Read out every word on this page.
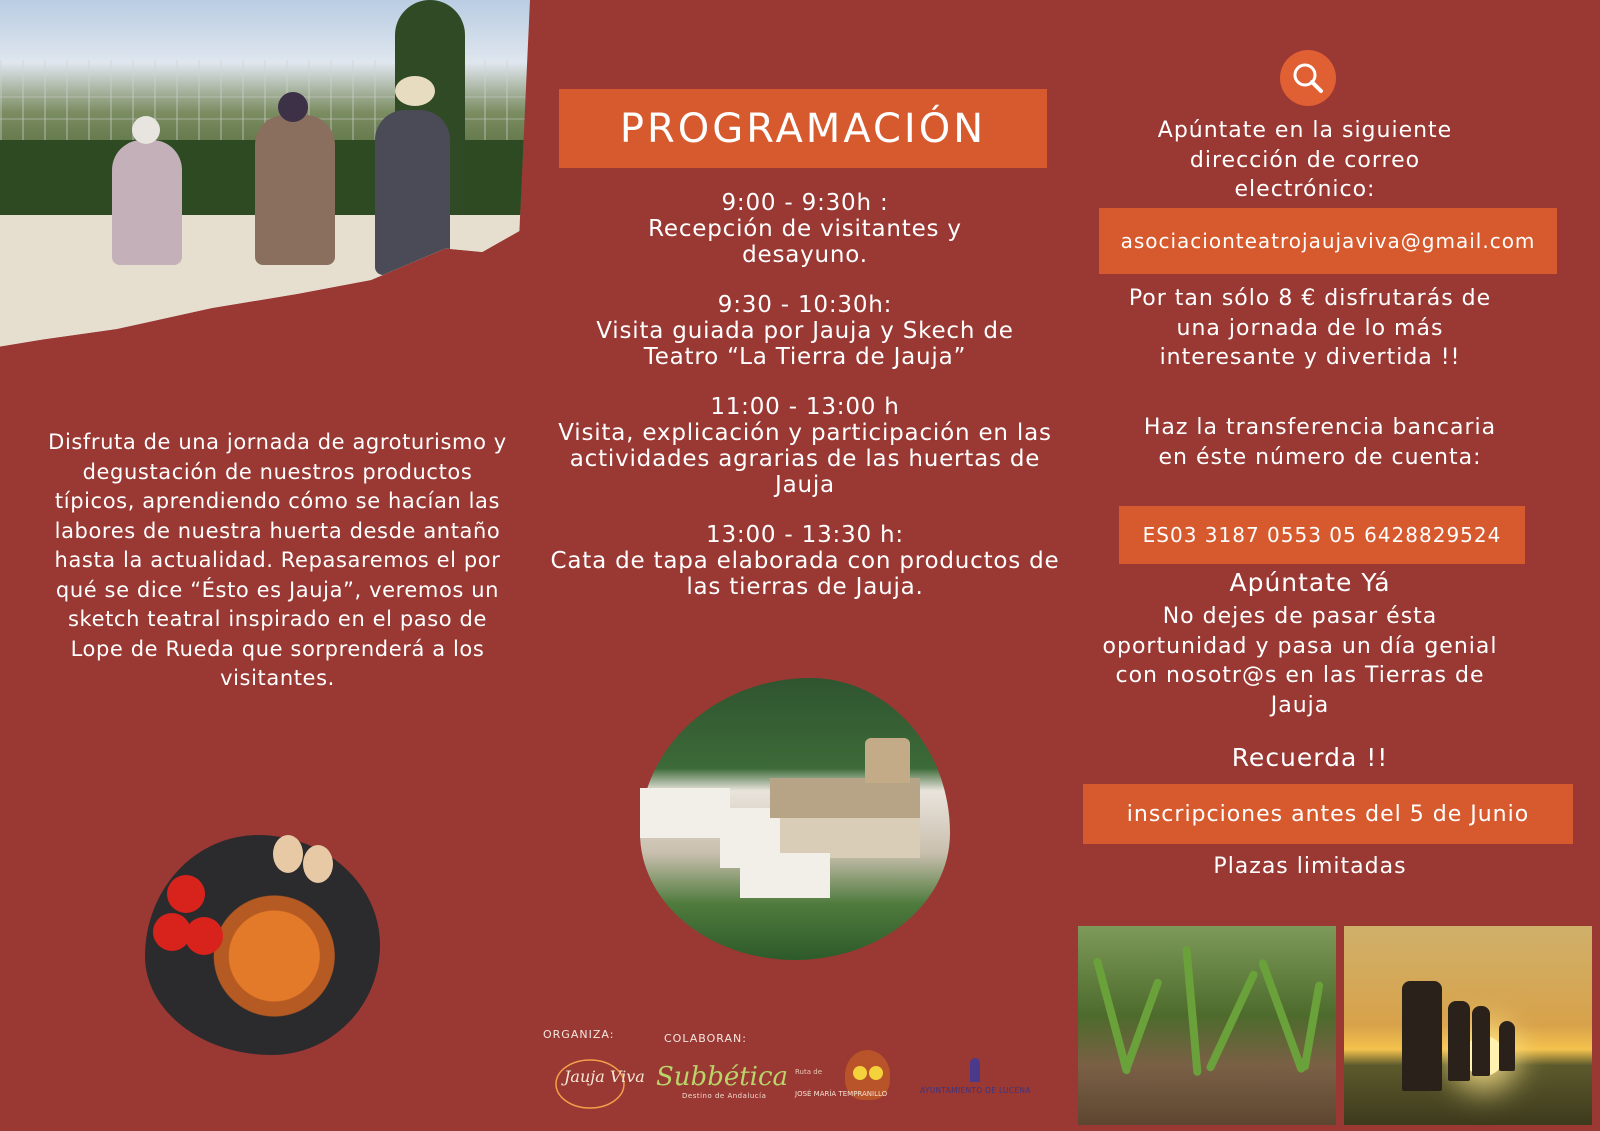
Disfruta de una jornada de agroturismo y degustación de nuestros productos típicos, aprendiendo cómo se hacían las labores de nuestra huerta desde antaño hasta la actualidad. Repasaremos el por qué se dice “Ésto es Jauja”, veremos un sketch teatral inspirado en el paso de Lope de Rueda que sorprenderá a los visitantes.
PROGRAMACIÓN
9:00 - 9:30h :
Recepción de visitantes y desayuno.
9:30 - 10:30h:
Visita guiada por Jauja y Skech de Teatro “La Tierra de Jauja”
11:00 - 13:00 h
Visita, explicación y participación en las actividades agrarias de las huertas de Jauja
13:00 - 13:30 h:
Cata de tapa elaborada con productos de las tierras de Jauja.
ORGANIZA:	COLABORAN:
Jauja Viva Subbética
Destino de Andalucía
Ruta de
JOSÉ MARÍA TEMPRANILLO	AYUNTAMIENTO DE LUCENA
Apúntate en la siguiente dirección de correo electrónico:
asociacionteatrojaujaviva@gmail.com
Por tan sólo 8 € disfrutarás de una jornada de lo más interesante y divertida !!
Haz la transferencia bancaria en éste número de cuenta:
ES03 3187 0553 05 6428829524
Apúntate Yá
No dejes de pasar ésta oportunidad y pasa un día genial con nosotr@s en las Tierras de Jauja
Recuerda !!
inscripciones antes del 5 de Junio
Plazas limitadas
